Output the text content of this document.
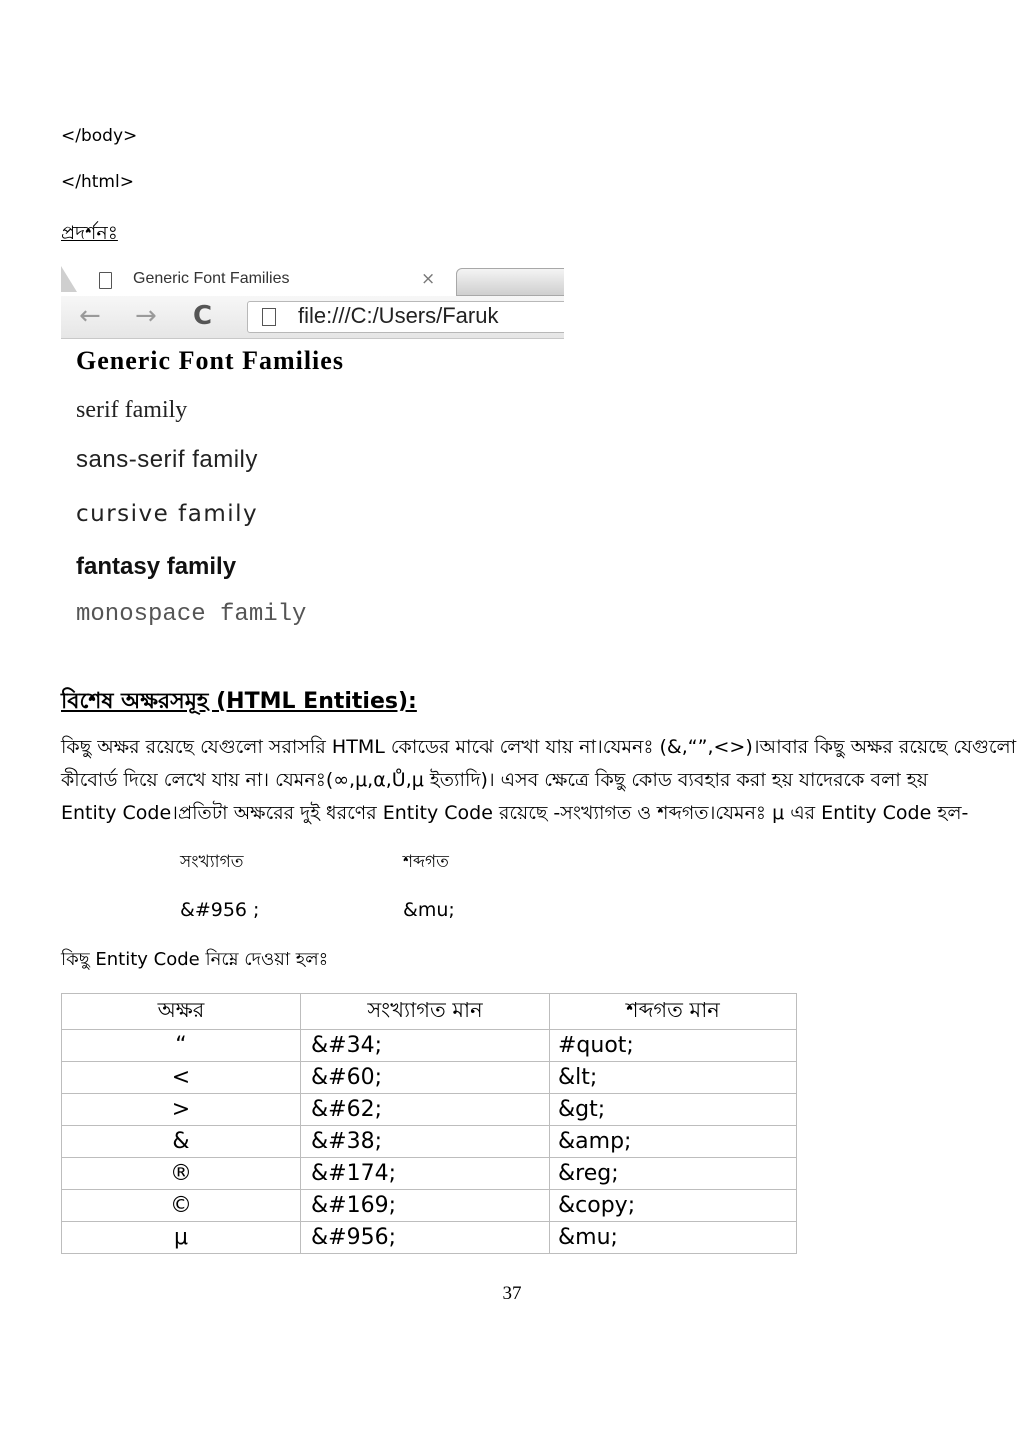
</body>
</html>
প্রদর্শনঃ
Generic Font Families	×
← → C	file:///C:/Users/Faruk
Generic Font Families
serif family
sans-serif family
cursive family
fantasy family
monospace family
বিশেষ অক্ষরসমূহ (HTML Entities):

কিছু অক্ষর রয়েছে যেগুলো সরাসরি HTML কোডের মাঝে লেখা যায় না।যেমনঃ (&,“”,<>)।আবার কিছু অক্ষর রয়েছে যেগুলো

কীবোর্ড দিয়ে লেখে যায় না। যেমনঃ(∞,μ,α,Ů,μ ইত্যাদি)। এসব ক্ষেত্রে কিছু কোড ব্যবহার করা হয় যাদেরকে বলা হয়

Entity Code।প্রতিটা অক্ষরের দুই ধরণের Entity Code রয়েছে -সংখ্যাগত ও শব্দগত।যেমনঃ μ এর Entity Code হল-

সংখ্যাগত	শব্দগত
&#956 ;	&mu;
কিছু Entity Code নিম্নে দেওয়া হলঃ
অক্ষর	সংখ্যাগত মান	শব্দগত মান
“	&#34;	#quot;
<	&#60;	&lt;
>	&#62;	&gt;
&	&#38;	&amp;
®	&#174;	&reg;
©	&#169;	&copy;
μ	&#956;	&mu;
37
